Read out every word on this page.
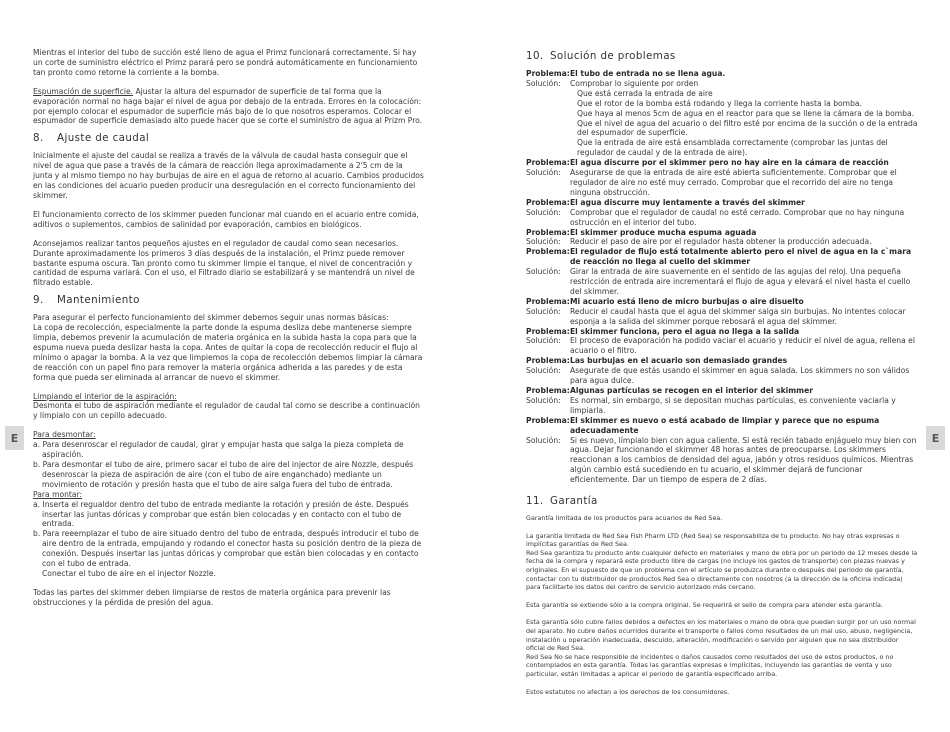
Mientras el interior del tubo de succión esté lleno de agua el Primz funcionará correctamente. Si hay un corte de suministro eléctrico el Primz parará pero se pondrá automáticamente en funcionamiento tan pronto como retorne la corriente a la bomba.

Espumación de superficie. Ajustar la altura del espumador de superficie de tal forma que la evaporación normal no haga bajar el nivel de agua por debajo de la entrada. Errores en la colocación: por ejemplo colocar el espumador de superficie más bajo de lo que nosotros esperamos. Colocar el espumador de superficie demasiado alto puede hacer que se corte el suministro de agua al Prizm Pro.

8. Ajuste de caudal

Inicialmente el ajuste del caudal se realiza a través de la válvula de caudal hasta conseguir que el nivel de agua que pase a través de la cámara de reacción llega aproximadamente a 2'5 cm de la junta y al mismo tiempo no hay burbujas de aire en el agua de retorno al acuario. Cambios producidos en las condiciones del acuario pueden producir una desregulación en el correcto funcionamiento del skimmer.

El funcionamiento correcto de los skimmer pueden funcionar mal cuando en el acuario entre comida, aditivos o suplementos, cambios de salinidad por evaporación, cambios en biológicos.

Aconsejamos realizar tantos pequeños ajustes en el regulador de caudal como sean necesarios. Durante aproximadamente los primeros 3 días después de la instalación, el Primz puede remover bastante espuma oscura. Tan pronto como tu skimmer limpie el tanque, el nivel de concentración y cantidad de espuma variará. Con el uso, el Filtrado diario se estabilizará y se mantendrá un nivel de filtrado estable.

9. Mantenimiento

Para asegurar el perfecto funcionamiento del skimmer debemos seguir unas normas básicas:

La copa de recolección, especialmente la parte donde la espuma desliza debe mantenerse siempre limpia, debemos prevenir la acumulación de materia orgánica en la subida hasta la copa para que la espuma nueva pueda deslizar hasta la copa. Antes de quitar la copa de recolección reducir el flujo al mínimo o apagar la bomba. A la vez que limpiemos la copa de recolección debemos limpiar la cámara de reacción con un papel fino para remover la materia orgánica adherida a las paredes y de esta forma que pueda ser eliminada al arrancar de nuevo el skimmer.

Limpiando el interior de la aspiración:

Desmonta el tubo de aspiración mediante el regulador de caudal tal como se describe a continuación y límpialo con un cepillo adecuado.

Para desmontar:

a. Para desenroscar el regulador de caudal, girar y empujar hasta que salga la pieza completa de aspiración.

b. Para desmontar el tubo de aire, primero sacar el tubo de aire del injector de aire Nozzle, después desenroscar la pieza de aspiración de aire (con el tubo de aire enganchado) mediante un movimiento de rotación y presión hasta que el tubo de aire salga fuera del tubo de entrada.

Para montar:

a. Inserta el regualdor dentro del tubo de entrada mediante la rotación y presión de éste. Después insertar las juntas dóricas y comprobar que están bien colocadas y en contacto con el tubo de entrada.

b. Para reeemplazar el tubo de aire situado dentro del tubo de entrada, después introducir el tubo de aire dentro de la entrada, empujando y rodando el conector hasta su posición dentro de la pieza de conexión. Después insertar las juntas dóricas y comprobar que están bien colocadas y en contacto con el tubo de entrada.

Conectar el tubo de aire en el injector Nozzle.

Todas las partes del skimmer deben limpiarse de restos de materia orgánica para prevenir las obstrucciones y la pérdida de presión del agua.

10. Solución de problemas
Problema: El tubo de entrada no se llena agua.
Solución:	Comprobar lo siguiente por orden

Que está cerrada la entrada de aire

Que el rotor de la bomba está rodando y llega la corriente hasta la bomba.

Que haya al menos 5cm de agua en el reactor para que se llene la cámara de la bomba.

Que el nivel de agua del acuario o del filtro esté por encima de la succión o de la entrada del espumador de superficie.

Que la entrada de aire está ensamblada correctamente (comprobar las juntas del regulador de caudal y de la entrada de aire).

Problema: El agua discurre por el skimmer pero no hay aire en la cámara de reacción
Solución:	Asegurarse de que la entrada de aire esté abierta suficientemente. Comprobar que el regulador de aire no esté muy cerrado. Comprobar que el recorrido del aire no tenga ninguna obstrucción.
Problema: El agua discurre muy lentamente a través del skimmer
Solución:	Comprobar que el regulador de caudal no esté cerrado. Comprobar que no hay ninguna ostrucción en el interior del tubo.
Problema: El skimmer produce mucha espuma aguada
Solución:	Reducir el paso de aire por el regulador hasta obtener la producción adecuada.
Problema: El regulador de flujo está totalmente abierto pero el nivel de agua en la c`mara de reacción no llega al cuello del skimmer
Solución:	Girar la entrada de aire suavemente en el sentido de las agujas del reloj. Una pequeña restricción de entrada aire incrementará el flujo de agua y elevará el nivel hasta el cuello del skimmer.
Problema: Mi acuario está lleno de micro burbujas o aire disuelto
Solución:	Reducir el caudal hasta que el agua del skimmer salga sin burbujas. No intentes colocar esponja a la salida del skimmer porque rebosará el agua del skimmer.
Problema: El skimmer funciona, pero el agua no llega a la salida
Solución:	El proceso de evaporación ha podido vaciar el acuario y reducir el nivel de agua, rellena el acuario o el filtro.
Problema: Las burbujas en el acuario son demasiado grandes
Solución:	Asegurate de que estás usando el skimmer en agua salada. Los skimmers no son válidos para agua dulce.
Problema: Algunas partículas se recogen en el interior del skimmer
Solución:	Es normal, sin embargo, si se depositan muchas partículas, es conveniente vaciarla y limpiarla.
Problema: El skimmer es nuevo o está acabado de limpiar y parece que no espuma adecuadamente
Solución:	Si es nuevo, límpialo bien con agua caliente. Si está recién tabado enjáguelo muy bien con agua. Dejar funcionando el skimmer 48 horas antes de preocuparse. Los skimmers reaccionan a los cambios de densidad del agua, jabón y otros residuos químicos. Mientras algún cambio está sucediendo en tu acuario, el skimmer dejará de funcionar eficientemente. Dar un tiempo de espera de 2 días.
11. Garantía

Garantía limitada de los productos para acuarios de Red Sea.

La garantía limitada de Red Sea Fish Pharm LTD (Red Sea) se responsabiliza de tu producto. No hay otras expresas o implícitas garantías de Red Sea.

Red Sea garantiza tu producto ante cualquier defecto en materiales y mano de obra por un periodo de 12 meses desde la fecha de la compra y reparará este producto libre de cargas (no incluye los gastos de transporte) con piezas nuevas y originales. En el supuesto de que un problema con el artículo se produzca durante o después del periodo de garantía, contactar con tu distribuidor de productos Red Sea o directamente con nosotros (a la dirección de la oficina indicada) para facilitarte los datos del centro de servicio autorizado más cercano.

Esta garantía se extiende sólo a la compra original. Se requerirá el sello de compra para atender esta garantía.

Esta garantía sólo cubre fallos debidos a defectos en los materiales o mano de obra que puedan surgir por un uso normal del aparato. No cubre daños ocurridos durante el transporte o fallos como resultados de un mal uso, abuso, negligencia, instalación u operación inadecuada, descuido, alteración, modificación o servido por alguien que no sea distribuidor oficial de Red Sea.

Red Sea No se hace responsible de incidentes o daños causados como resultados del uso de estos productos, o no contemplados en esta garantía. Todas las garantías expresas e implícitas, incluyendo las garantías de venta y uso particular, están limitadas a aplicar el periodo de garantía especificado arriba.

Estos estatutos no afectan a los derechos de los consumidores.

E	E
